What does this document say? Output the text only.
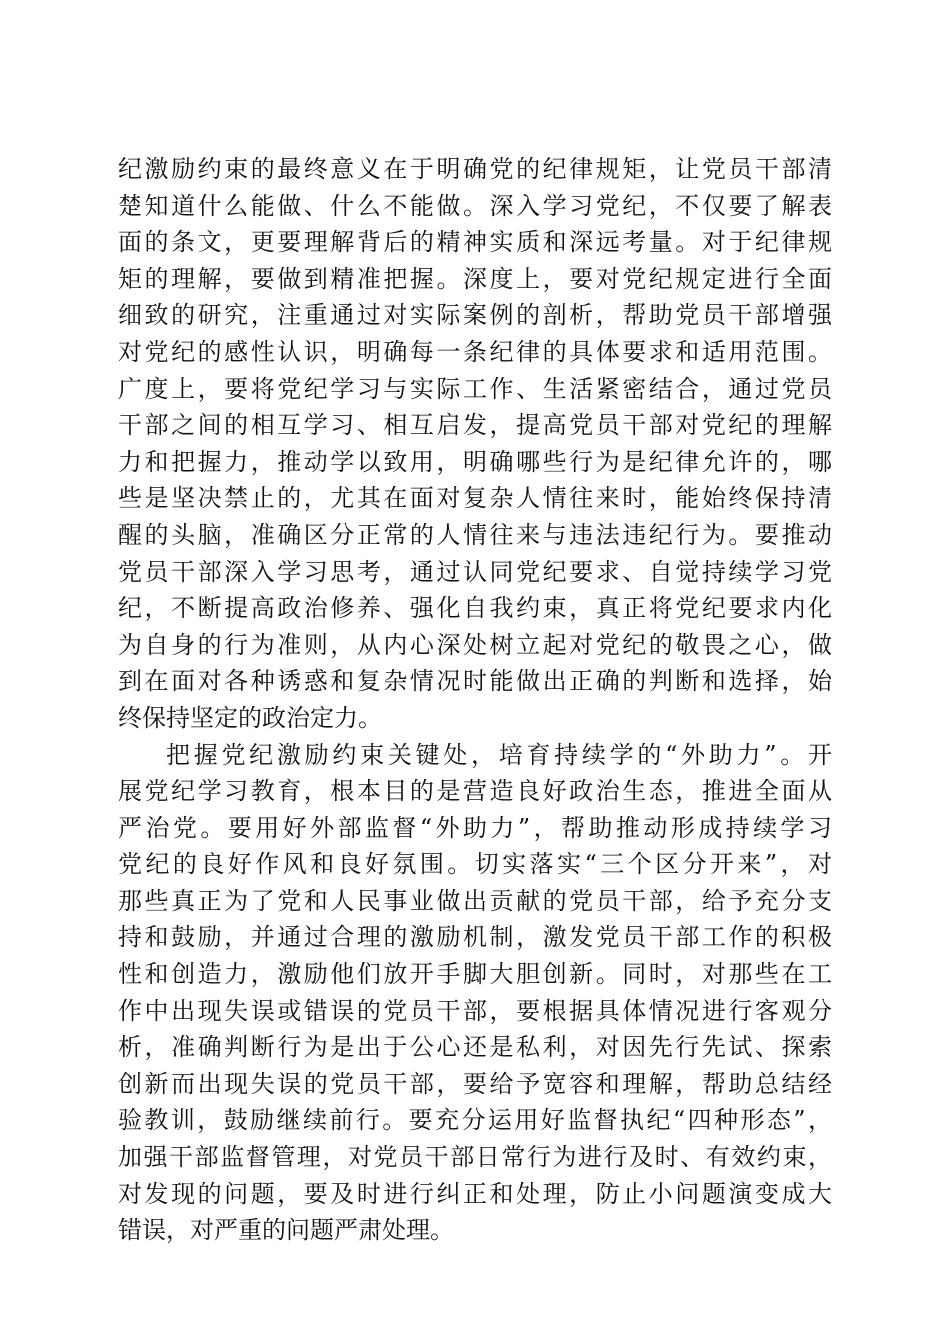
纪激励约束的最终意义在于明确党的纪律规矩，让党员干部清
楚知道什么能做、什么不能做。深入学习党纪，不仅要了解表
面的条文，更要理解背后的精神实质和深远考量。对于纪律规
矩的理解，要做到精准把握。深度上，要对党纪规定进行全面
细致的研究，注重通过对实际案例的剖析，帮助党员干部增强
对党纪的感性认识，明确每一条纪律的具体要求和适用范围。
广度上，要将党纪学习与实际工作、生活紧密结合，通过党员
干部之间的相互学习、相互启发，提高党员干部对党纪的理解
力和把握力，推动学以致用，明确哪些行为是纪律允许的，哪
些是坚决禁止的，尤其在面对复杂人情往来时，能始终保持清
醒的头脑，准确区分正常的人情往来与违法违纪行为。要推动
党员干部深入学习思考，通过认同党纪要求、自觉持续学习党
纪，不断提高政治修养、强化自我约束，真正将党纪要求内化
为自身的行为准则，从内心深处树立起对党纪的敬畏之心，做
到在面对各种诱惑和复杂情况时能做出正确的判断和选择，始
终保持坚定的政治定力。
把握党纪激励约束关键处，培育持续学的“外助力”。开
展党纪学习教育，根本目的是营造良好政治生态，推进全面从
严治党。要用好外部监督“外助力”，帮助推动形成持续学习
党纪的良好作风和良好氛围。切实落实“三个区分开来”，对
那些真正为了党和人民事业做出贡献的党员干部，给予充分支
持和鼓励，并通过合理的激励机制，激发党员干部工作的积极
性和创造力，激励他们放开手脚大胆创新。同时，对那些在工
作中出现失误或错误的党员干部，要根据具体情况进行客观分
析，准确判断行为是出于公心还是私利，对因先行先试、探索
创新而出现失误的党员干部，要给予宽容和理解，帮助总结经
验教训，鼓励继续前行。要充分运用好监督执纪“四种形态”，
加强干部监督管理，对党员干部日常行为进行及时、有效约束，
对发现的问题，要及时进行纠正和处理，防止小问题演变成大
错误，对严重的问题严肃处理。
